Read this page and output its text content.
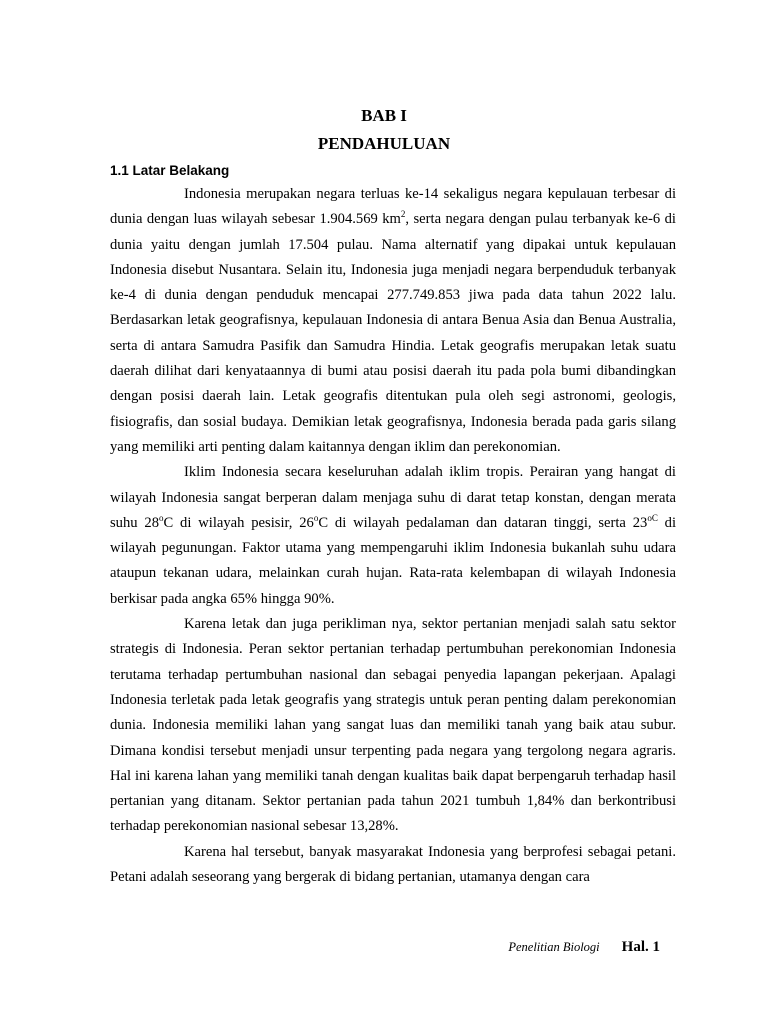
BAB I
PENDAHULUAN
1.1 Latar Belakang

Indonesia merupakan negara terluas ke-14 sekaligus negara kepulauan terbesar di dunia dengan luas wilayah sebesar 1.904.569 $km^2$, serta negara dengan pulau terbanyak ke-6 di dunia yaitu dengan jumlah 17.504 pulau. Nama alternatif yang dipakai untuk kepulauan Indonesia disebut Nusantara. Selain itu, Indonesia juga menjadi negara berpenduduk terbanyak ke-4 di dunia dengan penduduk mencapai 277.749.853 jiwa pada data tahun 2022 lalu. Berdasarkan letak geografisnya, kepulauan Indonesia di antara Benua Asia dan Benua Australia, serta di antara Samudra Pasifik dan Samudra Hindia. Letak geografis merupakan letak suatu daerah dilihat dari kenyataannya di bumi atau posisi daerah itu pada pola bumi dibandingkan dengan posisi daerah lain. Letak geografis ditentukan pula oleh segi astronomi, geologis, fisiografis, dan sosial budaya. Demikian letak geografisnya, Indonesia berada pada garis silang yang memiliki arti penting dalam kaitannya dengan iklim dan perekonomian.

Iklim Indonesia secara keseluruhan adalah iklim tropis. Perairan yang hangat di wilayah Indonesia sangat berperan dalam menjaga suhu di darat tetap konstan, dengan merata suhu 28$^o$C di wilayah pesisir, 26$^o$C di wilayah pedalaman dan dataran tinggi, serta $23^{oC}$ di wilayah pegunungan. Faktor utama yang mempengaruhi iklim Indonesia bukanlah suhu udara ataupun tekanan udara, melainkan curah hujan. Rata-rata kelembapan di wilayah Indonesia berkisar pada angka 65% hingga 90%.

Karena letak dan juga perikliman nya, sektor pertanian menjadi salah satu sektor strategis di Indonesia. Peran sektor pertanian terhadap pertumbuhan perekonomian Indonesia terutama terhadap pertumbuhan nasional dan sebagai penyedia lapangan pekerjaan. Apalagi Indonesia terletak pada letak geografis yang strategis untuk peran penting dalam perekonomian dunia. Indonesia memiliki lahan yang sangat luas dan memiliki tanah yang baik atau subur. Dimana kondisi tersebut menjadi unsur terpenting pada negara yang tergolong negara agraris. Hal ini karena lahan yang memiliki tanah dengan kualitas baik dapat berpengaruh terhadap hasil pertanian yang ditanam. Sektor pertanian pada tahun 2021 tumbuh 1,84% dan berkontribusi terhadap perekonomian nasional sebesar 13,28%.

Karena hal tersebut, banyak masyarakat Indonesia yang berprofesi sebagai petani. Petani adalah seseorang yang bergerak di bidang pertanian, utamanya dengan cara

Penelitian Biologi Hal. 1
